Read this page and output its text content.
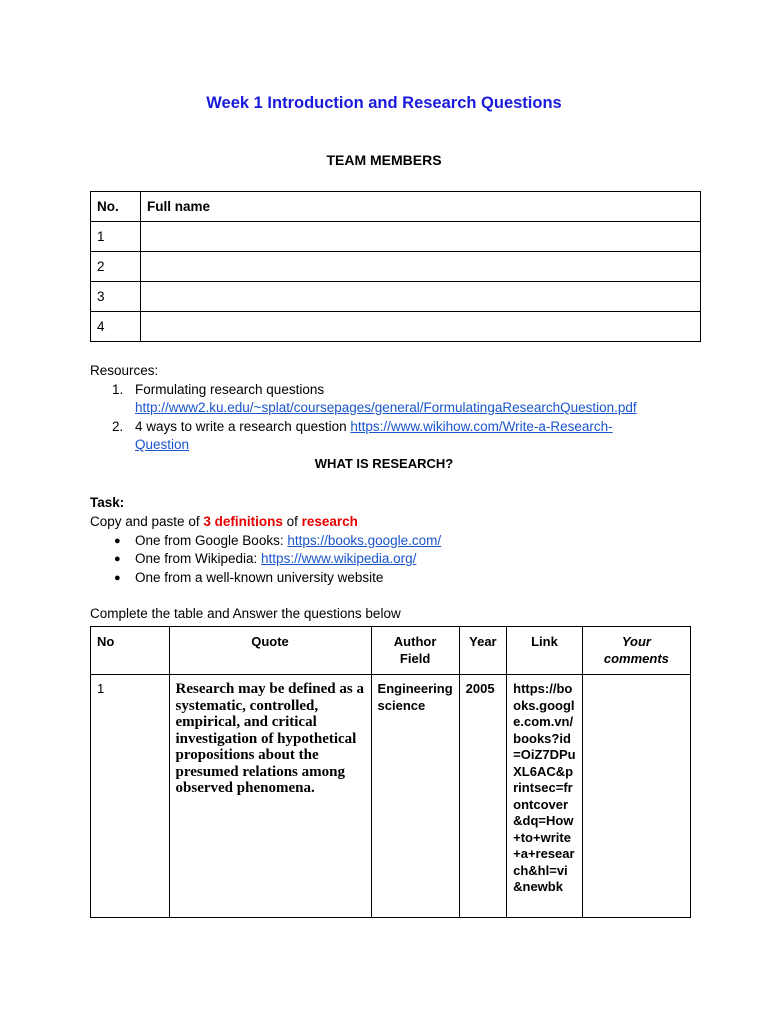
Week 1 Introduction and Research Questions
TEAM MEMBERS
No.	Full name
1	
2	
3	
4	
Resources:
1. Formulating research questions
http://www2.ku.edu/~splat/coursepages/general/FormulatingaResearchQuestion.pdf
2. 4 ways to write a research question https://www.wikihow.com/Write-a-Research-
Question
WHAT IS RESEARCH?
Task:
Copy and paste of 3 definitions of research
● One from Google Books: https://books.google.com/
● One from Wikipedia: https://www.wikipedia.org/
● One from a well-known university website
Complete the table and Answer the questions below
No	Quote	Author Field	Year	Link	Your comments
1	Research may be defined as a systematic, controlled, empirical, and critical investigation of hypothetical propositions about the presumed relations among observed phenomena.	Engineering science	2005	https://books.google.com.vn/books?id=OiZ7DPuXL6AC&printsec=frontcover&dq=How+to+write+a+research&hl=vi&newbk	
